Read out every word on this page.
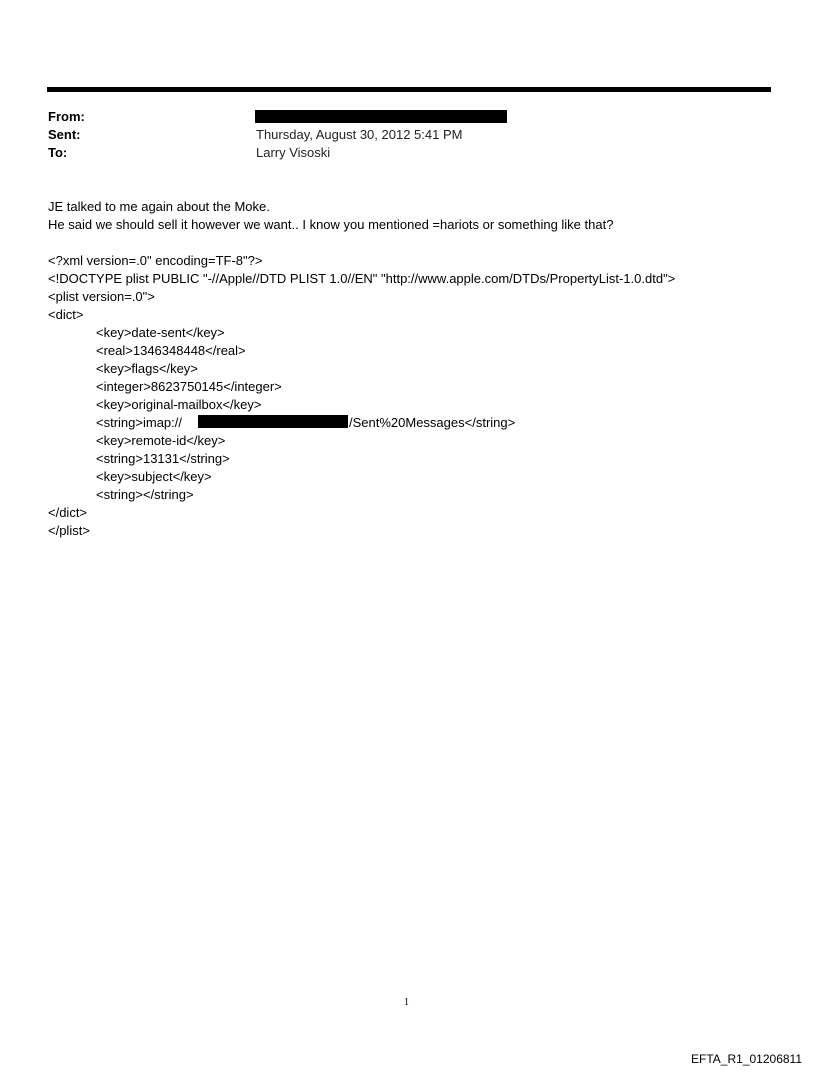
From:
Sent:	Thursday, August 30, 2012 5:41 PM
To:	Larry Visoski
JE talked to me again about the Moke.
He said we should sell it however we want.. I know you mentioned =hariots or something like that?
<?xml version=.0" encoding=TF-8"?>
<!DOCTYPE plist PUBLIC "-//Apple//DTD PLIST 1.0//EN" "http://www.apple.com/DTDs/PropertyList-1.0.dtd">
<plist version=.0">
<dict>
<key>date-sent</key>
<real>1346348448</real>
<key>flags</key>
<integer>8623750145</integer>
<key>original-mailbox</key>
<string>imap://	/Sent%20Messages</string>
<key>remote-id</key>
<string>13131</string>
<key>subject</key>
<string></string>
</dict>
</plist>
1
EFTA_R1_01206811
